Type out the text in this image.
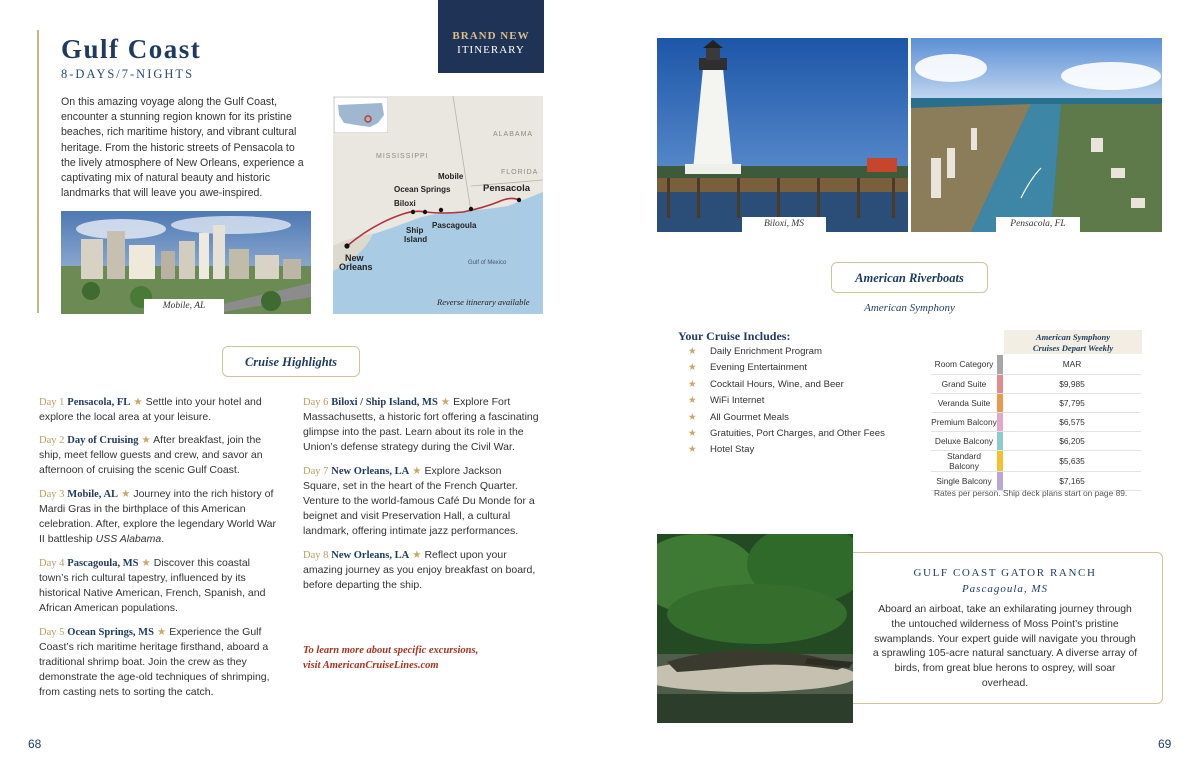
Gulf Coast
8-DAYS/7-NIGHTS
BRAND NEW
ITINERARY

On this amazing voyage along the Gulf Coast, encounter a stunning region known for its pristine beaches, rich maritime history, and vibrant cultural heritage. From the historic streets of Pensacola to the lively atmosphere of New Orleans, experience a captivating mix of natural beauty and historic landmarks that will leave you awe-inspired.

Mobile, AL
MISSISSIPPI
ALABAMA
FLORIDA
Mobile
Ocean Springs
Biloxi
Pensacola
Ship
Island
Pascagoula
New
Orleans	Gulf of Mexico
Reverse itinerary available
Cruise Highlights

Day 1 Pensacola, FL ★ Settle into your hotel and explore the local area at your leisure.

Day 2 Day of Cruising ★ After breakfast, join the ship, meet fellow guests and crew, and savor an afternoon of cruising the scenic Gulf Coast.

Day 3 Mobile, AL ★ Journey into the rich history of Mardi Gras in the birthplace of this American celebration. After, explore the legendary World War II battleship USS Alabama.

Day 4 Pascagoula, MS ★ Discover this coastal town’s rich cultural tapestry, influenced by its historical Native American, French, Spanish, and African American populations.

Day 5 Ocean Springs, MS ★ Experience the Gulf Coast’s rich maritime heritage firsthand, aboard a traditional shrimp boat. Join the crew as they demonstrate the age-old techniques of shrimping, from casting nets to sorting the catch.

Day 6 Biloxi / Ship Island, MS ★ Explore Fort Massachusetts, a historic fort offering a fascinating glimpse into the past. Learn about its role in the Union’s defense strategy during the Civil War.

Day 7 New Orleans, LA ★ Explore Jackson Square, set in the heart of the French Quarter. Venture to the world-famous Café Du Monde for a beignet and visit Preservation Hall, a cultural landmark, offering intimate jazz performances.

Day 8 New Orleans, LA ★ Reflect upon your amazing journey as you enjoy breakfast on board, before departing the ship.

To learn more about specific excursions,
visit AmericanCruiseLines.com
68
Biloxi, MS	Pensacola, FL
American Riverboats
American Symphony
Your Cruise Includes:
★ Daily Enrichment Program
★ Evening Entertainment
★ Cocktail Hours, Wine, and Beer
★ WiFi Internet
★ All Gourmet Meals
★ Gratuities, Port Charges, and Other Fees
★ Hotel Stay
American Symphony
Cruises Depart Weekly
Room Category		MAR
Grand Suite		$9,985
Veranda Suite		$7,795
Premium Balcony		$6,575
Deluxe Balcony		$6,205
Standard Balcony		$5,635
Single Balcony		$7,165
Rates per person. Ship deck plans start on page 89.
GULF COAST GATOR RANCH
Pascagoula, MS

Aboard an airboat, take an exhilarating journey through the untouched wilderness of Moss Point’s pristine swamplands. Your expert guide will navigate you through a sprawling 105-acre natural sanctuary. A diverse array of birds, from great blue herons to osprey, will soar overhead.

69
